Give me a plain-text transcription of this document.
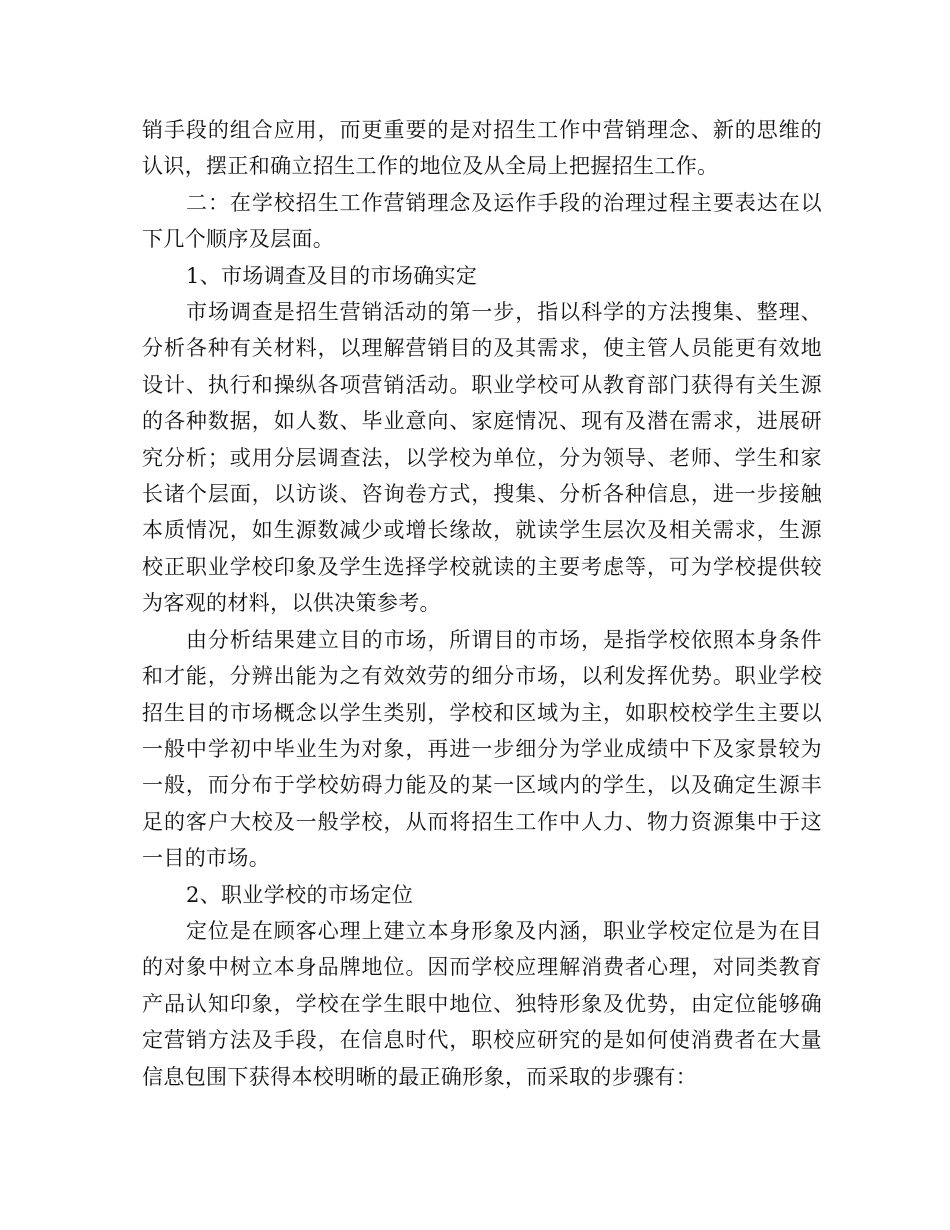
销手段的组合应用，而更重要的是对招生工作中营销理念、新的思维的认识，摆正和确立招生工作的地位及从全局上把握招生工作。

二：在学校招生工作营销理念及运作手段的治理过程主要表达在以下几个顺序及层面。

1、市场调查及目的市场确实定

市场调查是招生营销活动的第一步，指以科学的方法搜集、整理、分析各种有关材料，以理解营销目的及其需求，使主管人员能更有效地设计、执行和操纵各项营销活动。职业学校可从教育部门获得有关生源的各种数据，如人数、毕业意向、家庭情况、现有及潜在需求，进展研究分析；或用分层调查法，以学校为单位，分为领导、老师、学生和家长诸个层面，以访谈、咨询卷方式，搜集、分析各种信息，进一步接触本质情况，如生源数减少或增长缘故，就读学生层次及相关需求，生源校正职业学校印象及学生选择学校就读的主要考虑等，可为学校提供较为客观的材料，以供决策参考。

由分析结果建立目的市场，所谓目的市场，是指学校依照本身条件和才能，分辨出能为之有效效劳的细分市场，以利发挥优势。职业学校招生目的市场概念以学生类别，学校和区域为主，如职校校学生主要以一般中学初中毕业生为对象，再进一步细分为学业成绩中下及家景较为一般，而分布于学校妨碍力能及的某一区域内的学生，以及确定生源丰足的客户大校及一般学校，从而将招生工作中人力、物力资源集中于这一目的市场。

2、职业学校的市场定位

定位是在顾客心理上建立本身形象及内涵，职业学校定位是为在目的对象中树立本身品牌地位。因而学校应理解消费者心理，对同类教育产品认知印象，学校在学生眼中地位、独特形象及优势，由定位能够确定营销方法及手段，在信息时代，职校应研究的是如何使消费者在大量信息包围下获得本校明晰的最正确形象，而采取的步骤有：
